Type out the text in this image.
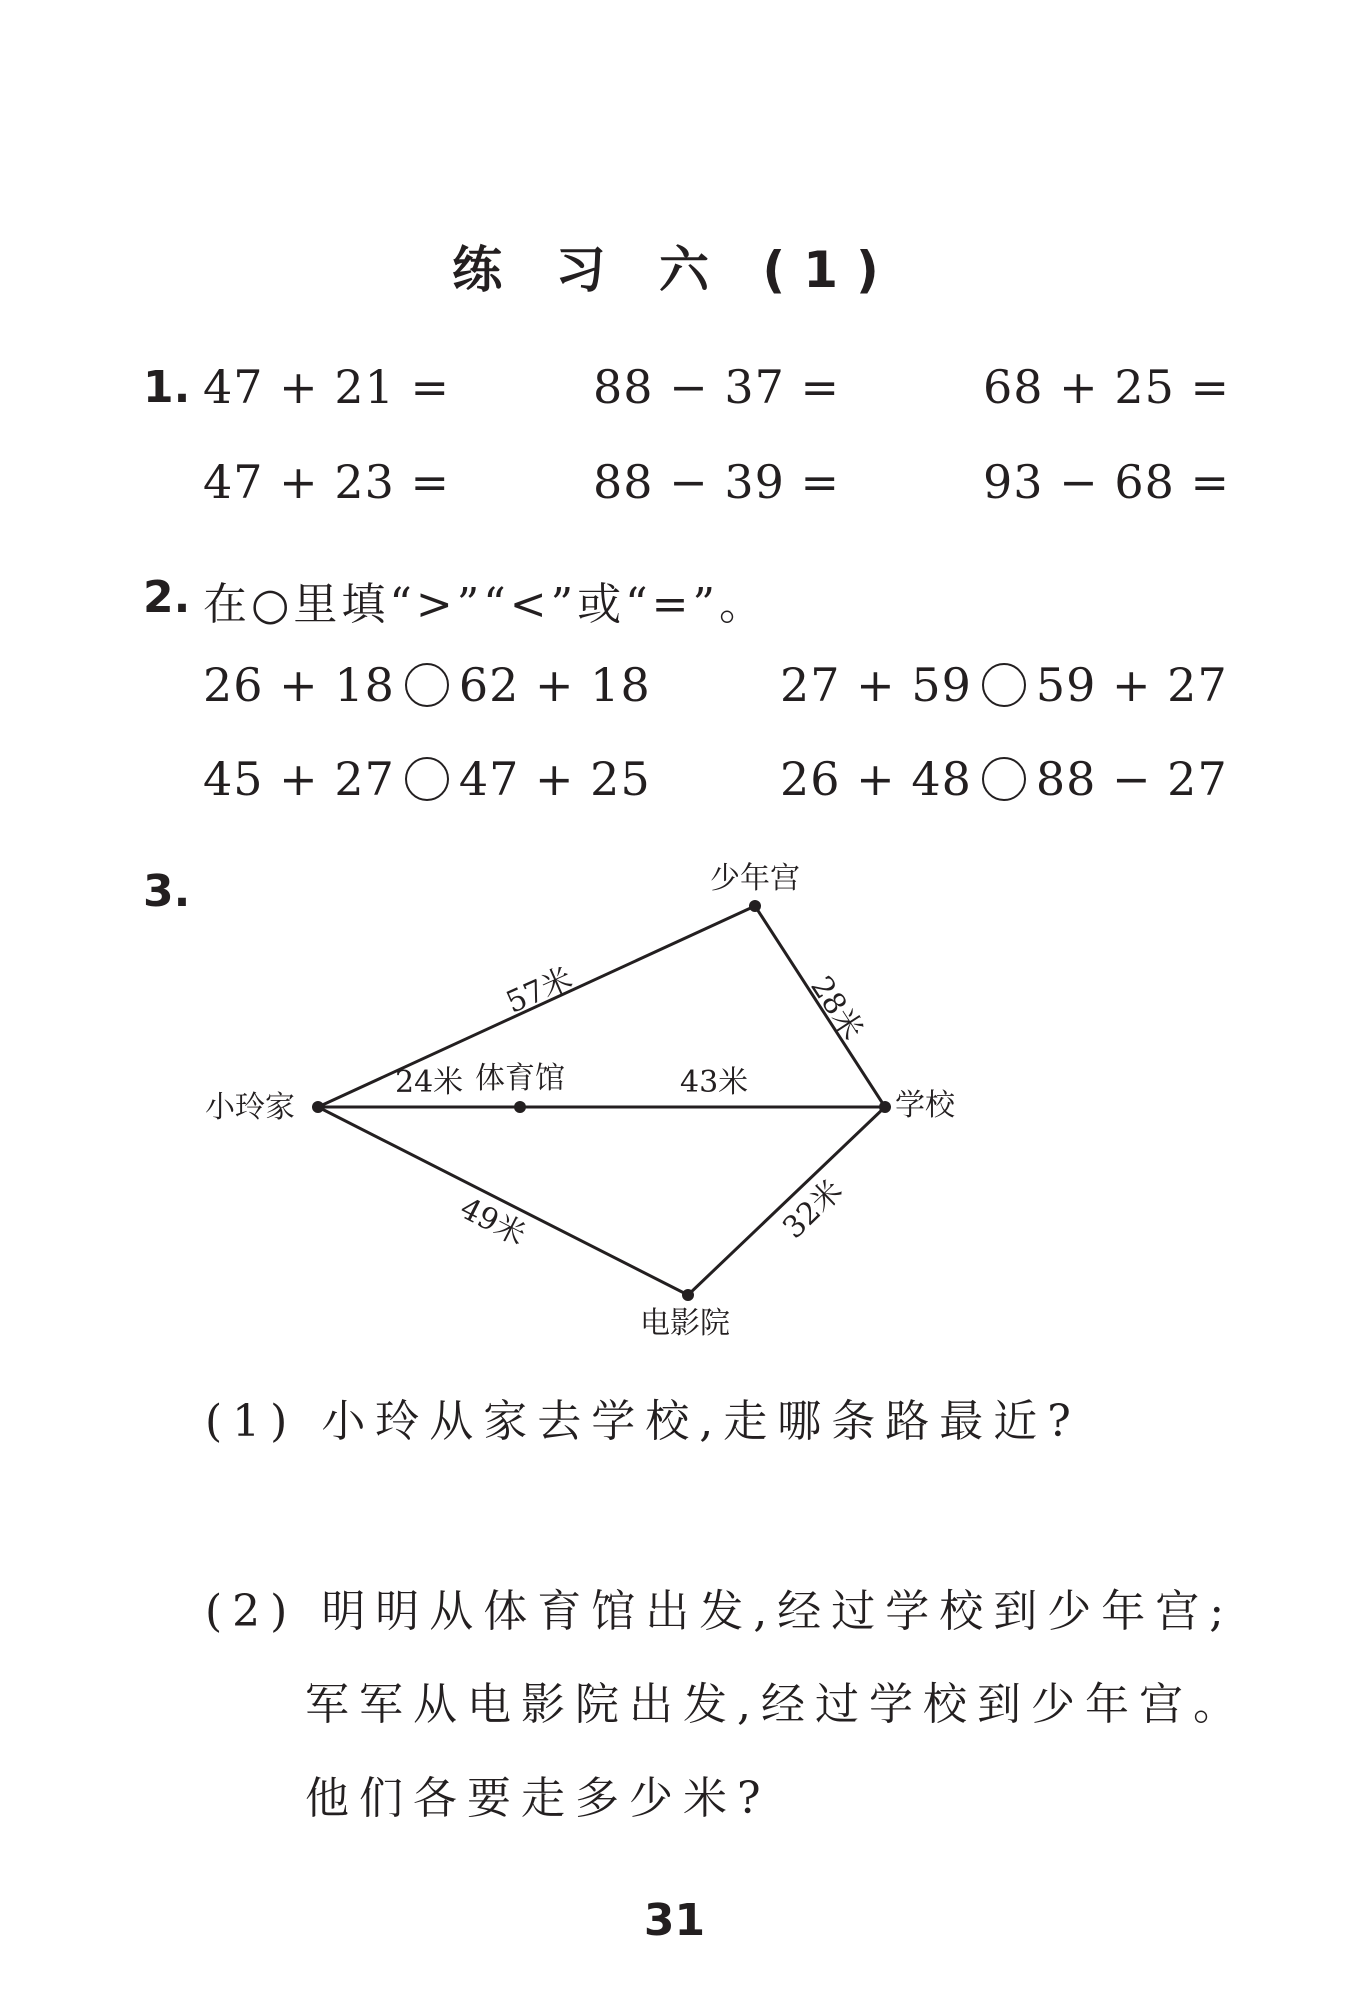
练 习 六 (1)
1. 47 + 21 =	88 − 37 =	68 + 25 =
47 + 23 =	88 − 39 =	93 − 68 =
2. 在○里填“>”“<”或“=”。
26 + 18 62 + 18	27 + 59 59 + 27
45 + 27 47 + 25	26 + 48 88 − 27
3.
小玲家
少年宫
体育馆
学校
电影院
57米	28米
24米	43米
49米	32米
(1) 小玲从家去学校,走哪条路最近?
(2) 明明从体育馆出发,经过学校到少年宫;
军军从电影院出发,经过学校到少年宫。
他们各要走多少米?
31
